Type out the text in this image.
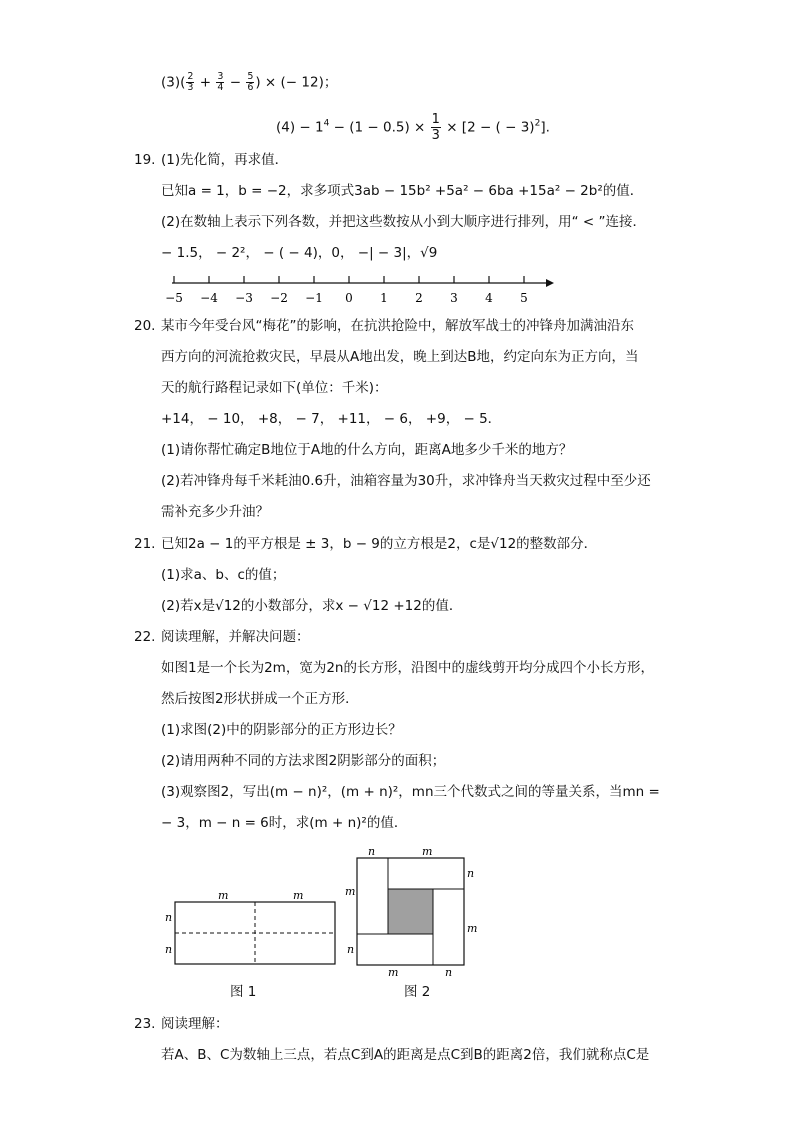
$(3)( \frac{2}{3} + \frac{3}{4} - \frac{5}{6}$ ) × (− 12)；
$(4) - 1^4 - (1 - 0.5) \times \frac{1}{3} \times [2$ − ( − 3)$^2$].
19. (1)先化简，再求值．
已知a = 1，b = −2，求多项式3ab − 15b² +5a² − 6ba +15a² − 2b²的值．
(2)在数轴上表示下列各数，并把这些数按从小到大顺序进行排列，用“ < ”连接．
− 1.5， − 2²， − ( − 4)，0， −| − 3|，√9
−5 −4 −3 −2 −1 0 1 2 3 4 5
20. 某市今年受台风“梅花”的影响，在抗洪抢险中，解放军战士的冲锋舟加满油沿东
西方向的河流抢救灾民，早晨从A地出发，晚上到达B地，约定向东为正方向，当
天的航行路程记录如下(单位：千米)：
+14， − 10， +8， − 7， +11， − 6， +9， − 5．
(1)请你帮忙确定B地位于A地的什么方向，距离A地多少千米的地方？
(2)若冲锋舟每千米耗油0.6升，油箱容量为30升，求冲锋舟当天救灾过程中至少还
需补充多少升油？
21. 已知2a − 1的平方根是 ± 3，b − 9的立方根是2，c是√12的整数部分．
(1)求a、b、c的值；
(2)若x是√12的小数部分，求x − √12 +12的值．
22. 阅读理解，并解决问题：
如图1是一个长为2m，宽为2n的长方形，沿图中的虚线剪开均分成四个小长方形，
然后按图2形状拼成一个正方形．
(1)求图(2)中的阴影部分的正方形边长？
(2)请用两种不同的方法求图2阴影部分的面积；
(3)观察图2，写出(m − n)²，(m + n)²，mn三个代数式之间的等量关系，当mn =
− 3，m − n = 6时，求(m + n)²的值．
m	m
n
n
图 1
n	m
n
m
m
n
m	n
图 2
23. 阅读理解：
若A、B、C为数轴上三点，若点C到A的距离是点C到B的距离2倍，我们就称点C是
